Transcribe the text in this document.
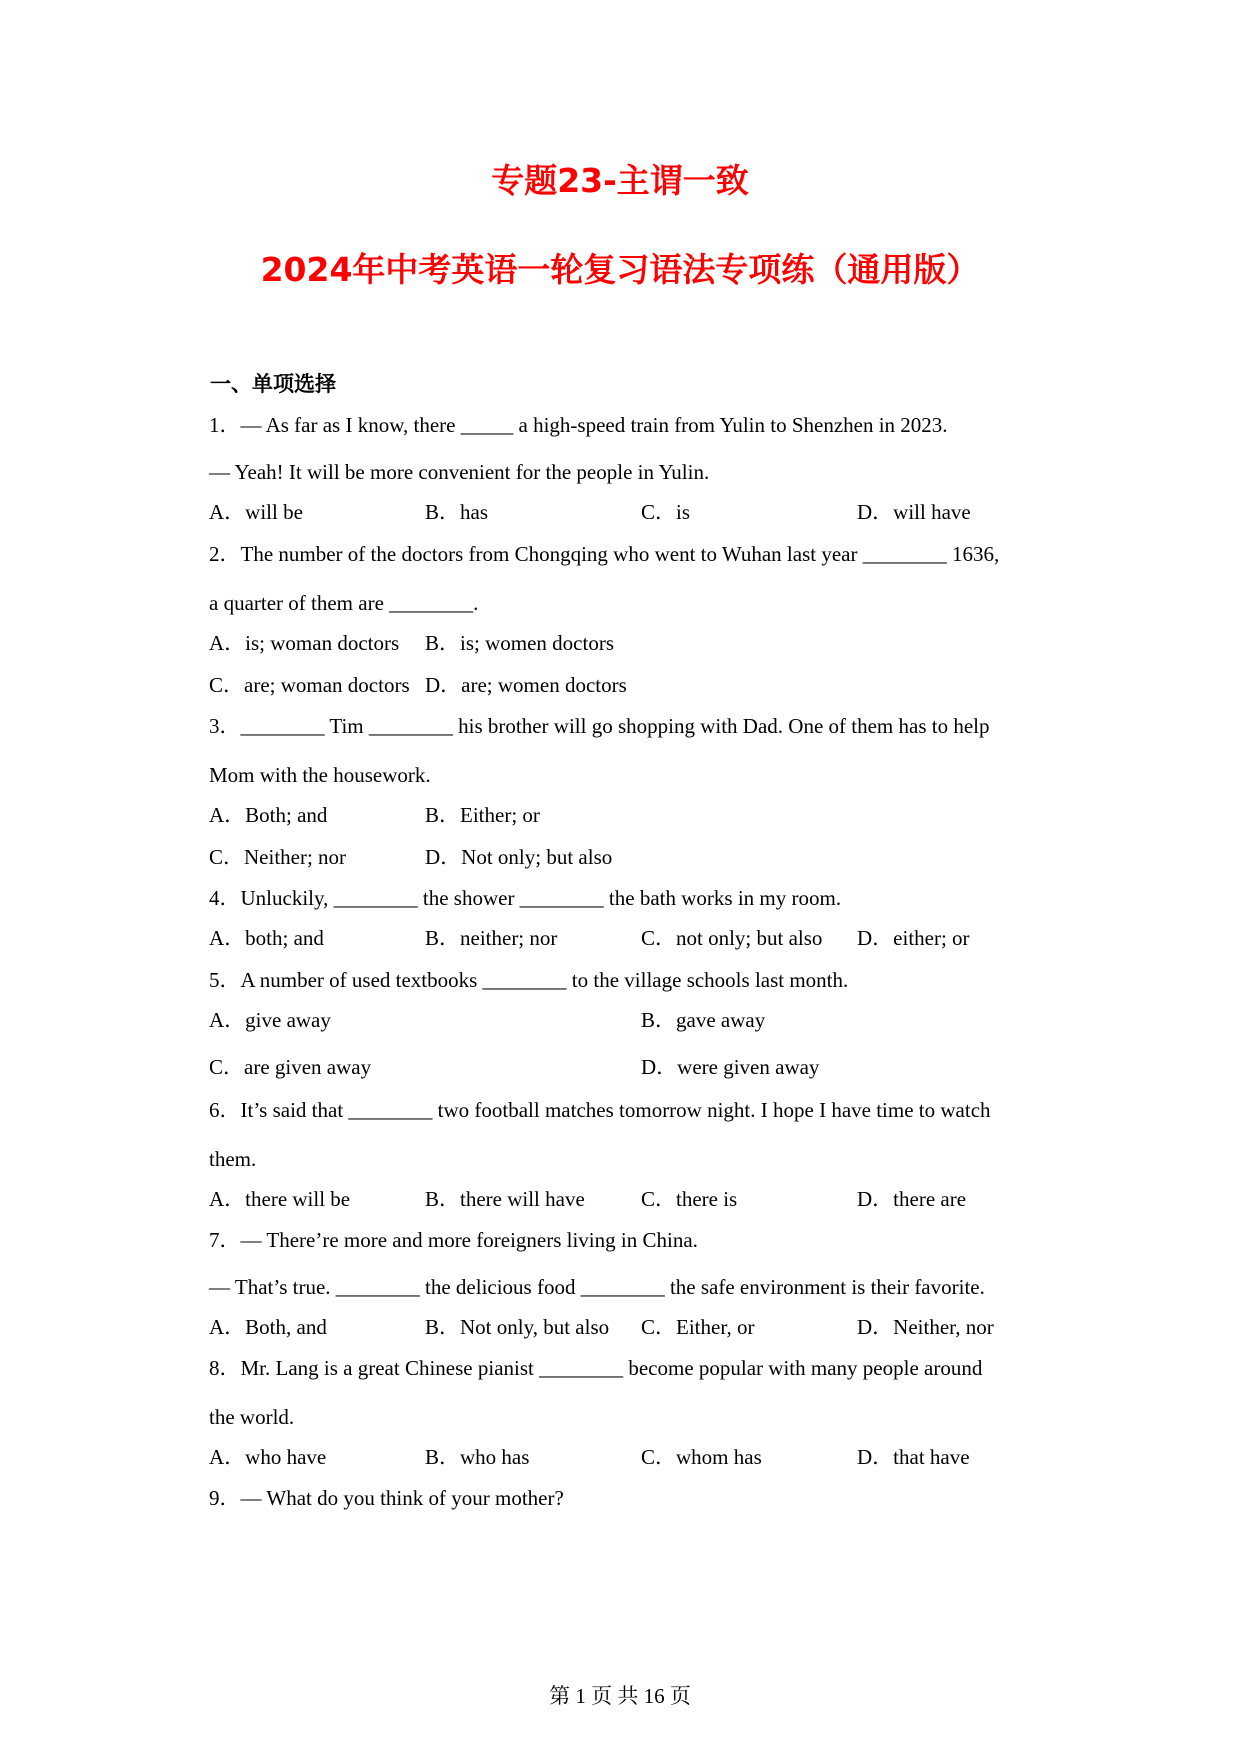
专题23-主谓一致
2024年中考英语一轮复习语法专项练（通用版）
一、单项选择
1．— As far as I know, there _____ a high-speed train from Yulin to Shenzhen in 2023.
— Yeah! It will be more convenient for the people in Yulin.
A．will be	B．has	C．is	D．will have
2．The number of the doctors from Chongqing who went to Wuhan last year ________ 1636,
a quarter of them are ________.
A．is; woman doctors B．is; women doctors
C．are; woman doctors D．are; women doctors
3．________ Tim ________ his brother will go shopping with Dad. One of them has to help
Mom with the housework.
A．Both; and	B．Either; or
C．Neither; nor	D．Not only; but also
4．Unluckily, ________ the shower ________ the bath works in my room.
A．both; and	B．neither; nor	C．not only; but also D．either; or
5．A number of used textbooks ________ to the village schools last month.
A．give away	B．gave away
C．are given away	D．were given away
6．It’s said that ________ two football matches tomorrow night. I hope I have time to watch
them.
A．there will be	B．there will have	C．there is	D．there are
7．— There’re more and more foreigners living in China.
— That’s true. ________ the delicious food ________ the safe environment is their favorite.
A．Both, and	B．Not only, but also C．Either, or	D．Neither, nor
8．Mr. Lang is a great Chinese pianist ________ become popular with many people around
the world.
A．who have	B．who has	C．whom has	D．that have
9．— What do you think of your mother?
第 1 页 共 16 页
